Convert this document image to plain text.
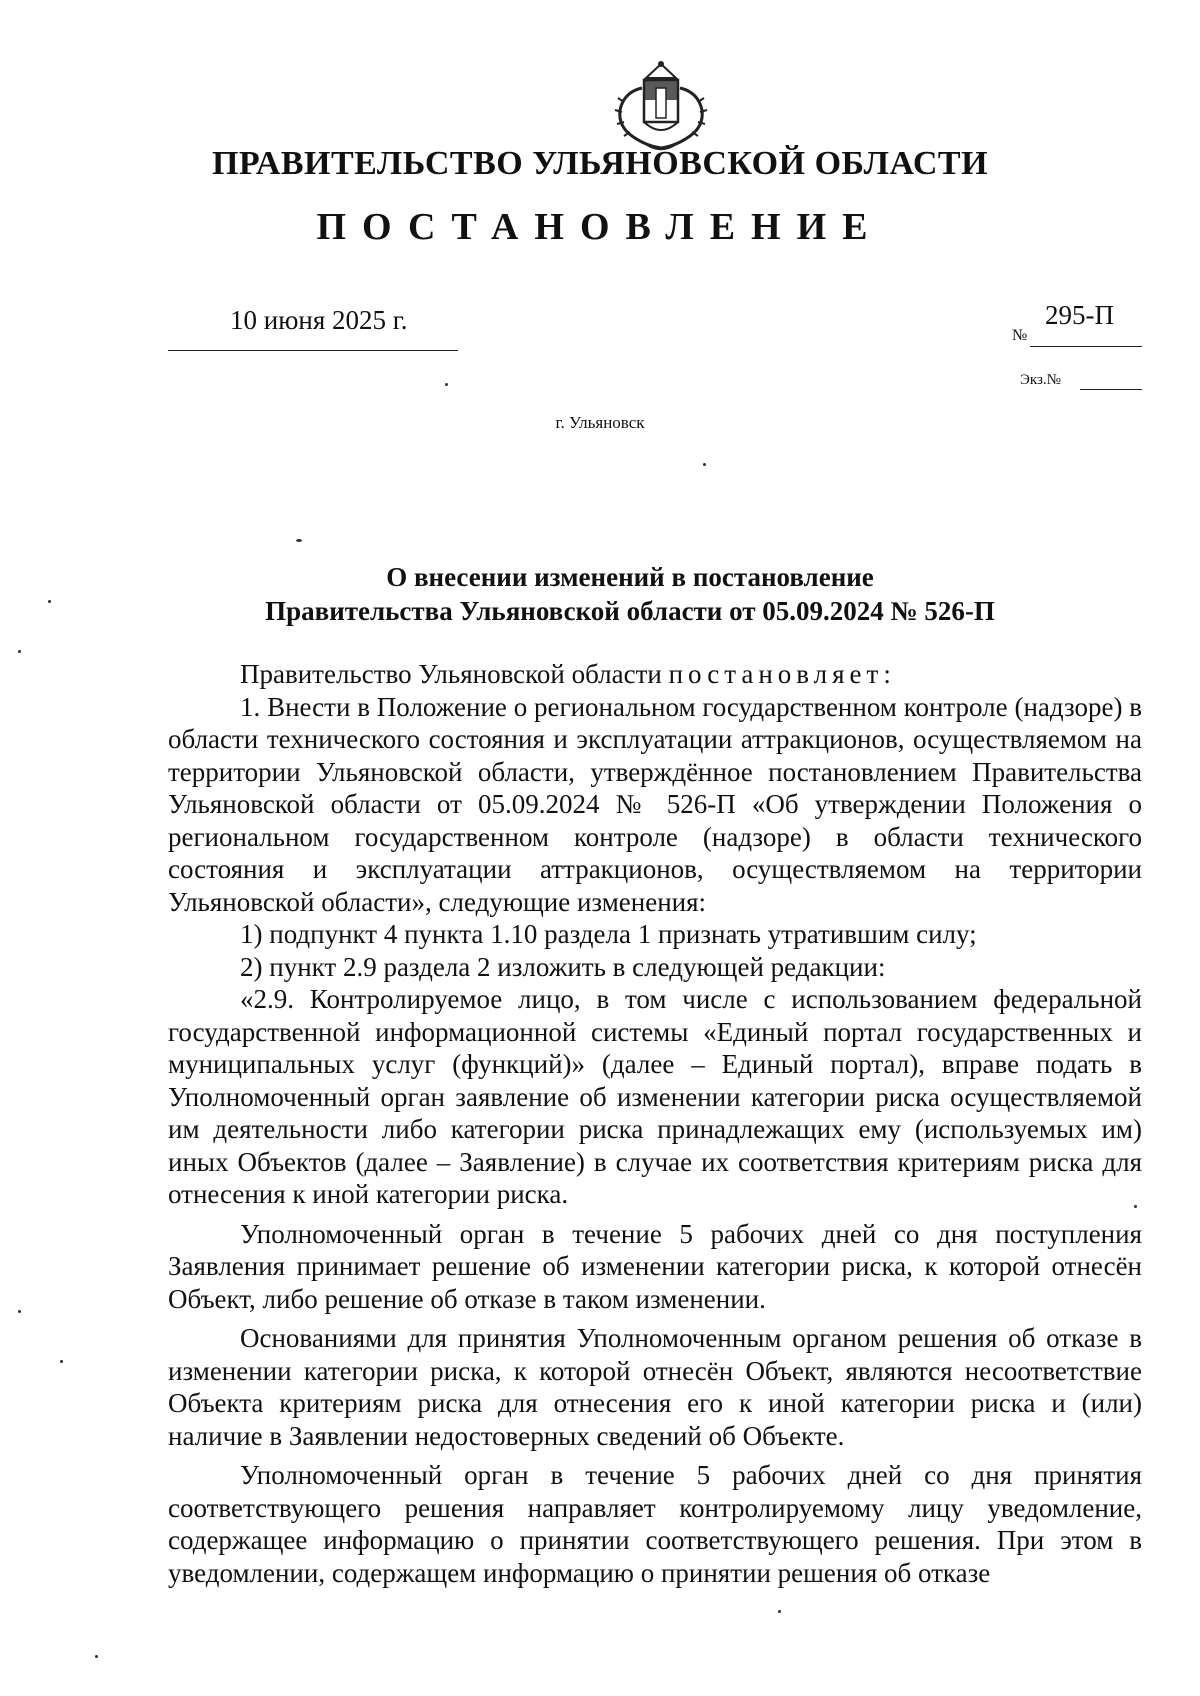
ПРАВИТЕЛЬСТВО УЛЬЯНОВСКОЙ ОБЛАСТИ
ПОСТАНОВЛЕНИЕ
10 июня 2025 г.
№
295-П
Экз.№
г. Ульяновск
О внесении изменений в постановление
Правительства Ульяновской области от 05.09.2024 № 526-П

Правительство Ульяновской области постановляет:

1. Внести в Положение о региональном государственном контроле (надзоре) в области технического состояния и эксплуатации аттракционов, осуществляемом на территории Ульяновской области, утверждённое постановлением Правительства Ульяновской области от 05.09.2024 № 526-П «Об утверждении Положения о региональном государственном контроле (надзоре) в области технического состояния и эксплуатации аттракционов, осуществляемом на территории Ульяновской области», следующие изменения:

1) подпункт 4 пункта 1.10 раздела 1 признать утратившим силу;

2) пункт 2.9 раздела 2 изложить в следующей редакции:

«2.9. Контролируемое лицо, в том числе с использованием федеральной государственной информационной системы «Единый портал государственных и муниципальных услуг (функций)» (далее – Единый портал), вправе подать в Уполномоченный орган заявление об изменении категории риска осуществляемой им деятельности либо категории риска принадлежащих ему (используемых им) иных Объектов (далее – Заявление) в случае их соответствия критериям риска для отнесения к иной категории риска.

Уполномоченный орган в течение 5 рабочих дней со дня поступления Заявления принимает решение об изменении категории риска, к которой отнесён Объект, либо решение об отказе в таком изменении.

Основаниями для принятия Уполномоченным органом решения об отказе в изменении категории риска, к которой отнесён Объект, являются несоответствие Объекта критериям риска для отнесения его к иной категории риска и (или) наличие в Заявлении недостоверных сведений об Объекте.

Уполномоченный орган в течение 5 рабочих дней со дня принятия соответствующего решения направляет контролируемому лицу уведомление, содержащее информацию о принятии соответствующего решения. При этом в уведомлении, содержащем информацию о принятии решения об отказе
